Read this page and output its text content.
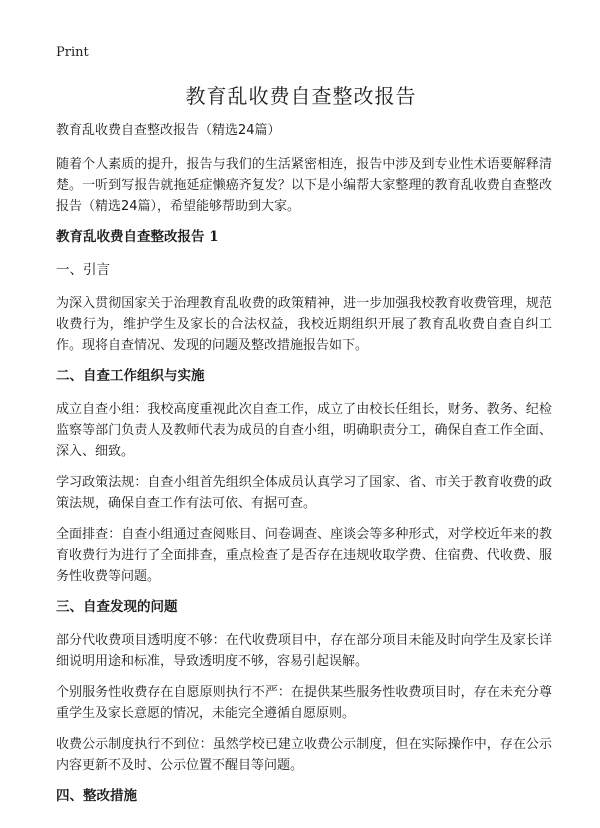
Print
教育乱收费自查整改报告

教育乱收费自查整改报告（精选24篇）

随着个人素质的提升，报告与我们的生活紧密相连，报告中涉及到专业性术语要解释清楚。一听到写报告就拖延症懒癌齐复发？以下是小编帮大家整理的教育乱收费自查整改报告（精选24篇），希望能够帮助到大家。

教育乱收费自查整改报告 1
一、引言

为深入贯彻国家关于治理教育乱收费的政策精神，进一步加强我校教育收费管理，规范收费行为，维护学生及家长的合法权益，我校近期组织开展了教育乱收费自查自纠工作。现将自查情况、发现的问题及整改措施报告如下。

二、自查工作组织与实施

成立自查小组：我校高度重视此次自查工作，成立了由校长任组长，财务、教务、纪检监察等部门负责人及教师代表为成员的自查小组，明确职责分工，确保自查工作全面、深入、细致。

学习政策法规：自查小组首先组织全体成员认真学习了国家、省、市关于教育收费的政策法规，确保自查工作有法可依、有据可查。

全面排查：自查小组通过查阅账目、问卷调查、座谈会等多种形式，对学校近年来的教育收费行为进行了全面排查，重点检查了是否存在违规收取学费、住宿费、代收费、服务性收费等问题。

三、自查发现的问题

部分代收费项目透明度不够：在代收费项目中，存在部分项目未能及时向学生及家长详细说明用途和标准，导致透明度不够，容易引起误解。

个别服务性收费存在自愿原则执行不严：在提供某些服务性收费项目时，存在未充分尊重学生及家长意愿的情况，未能完全遵循自愿原则。

收费公示制度执行不到位：虽然学校已建立收费公示制度，但在实际操作中，存在公示内容更新不及时、公示位置不醒目等问题。

四、整改措施
